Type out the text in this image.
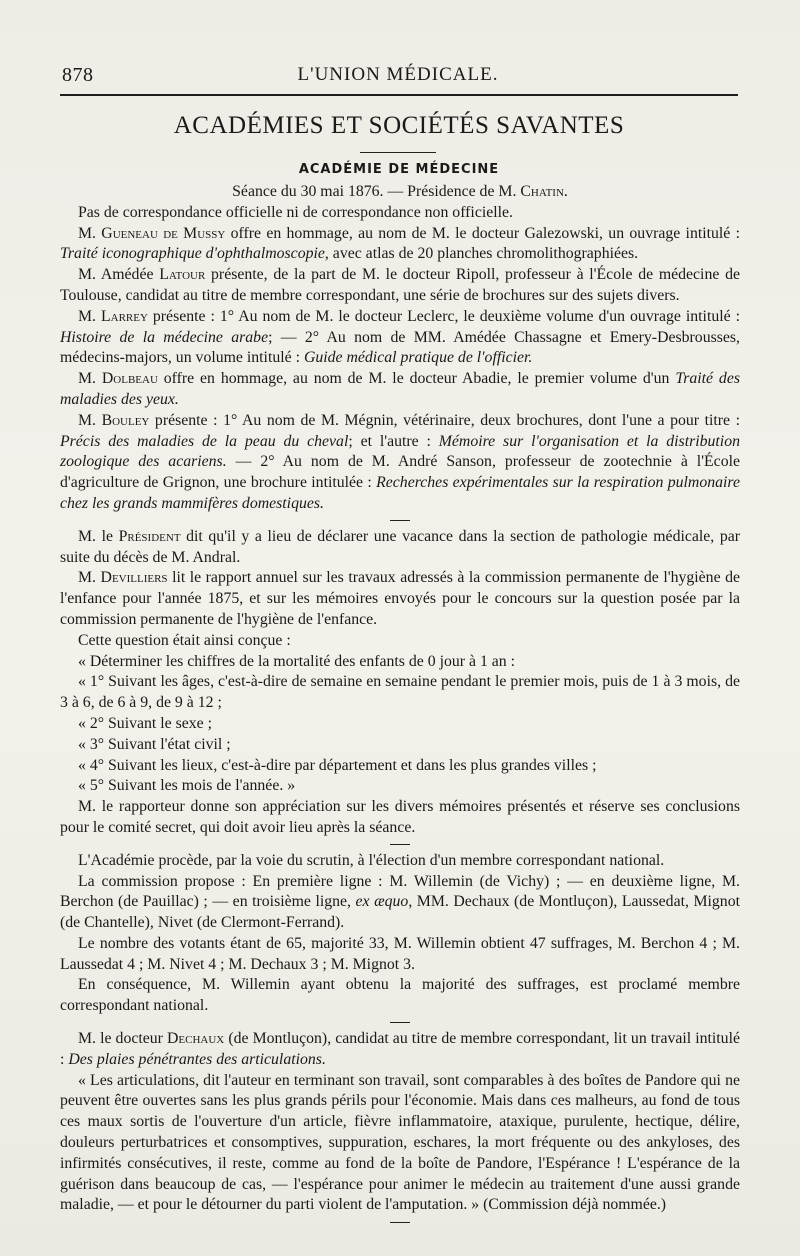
878	L'UNION MÉDICALE.
ACADÉMIES ET SOCIÉTÉS SAVANTES
ACADÉMIE DE MÉDECINE

Séance du 30 mai 1876. — Présidence de M. Chatin.

Pas de correspondance officielle ni de correspondance non officielle.

M. Gueneau de Mussy offre en hommage, au nom de M. le docteur Galezowski, un ouvrage intitulé : Traité iconographique d'ophthalmoscopie, avec atlas de 20 planches chromolithographiées.

M. Amédée Latour présente, de la part de M. le docteur Ripoll, professeur à l'École de médecine de Toulouse, candidat au titre de membre correspondant, une série de brochures sur des sujets divers.

M. Larrey présente : 1° Au nom de M. le docteur Leclerc, le deuxième volume d'un ouvrage intitulé : Histoire de la médecine arabe; — 2° Au nom de MM. Amédée Chassagne et Emery-Desbrousses, médecins-majors, un volume intitulé : Guide médical pratique de l'officier.

M. Dolbeau offre en hommage, au nom de M. le docteur Abadie, le premier volume d'un Traité des maladies des yeux.

M. Bouley présente : 1° Au nom de M. Mégnin, vétérinaire, deux brochures, dont l'une a pour titre : Précis des maladies de la peau du cheval; et l'autre : Mémoire sur l'organisation et la distribution zoologique des acariens. — 2° Au nom de M. André Sanson, professeur de zootechnie à l'École d'agriculture de Grignon, une brochure intitulée : Recherches expérimentales sur la respiration pulmonaire chez les grands mammifères domestiques.

M. le Président dit qu'il y a lieu de déclarer une vacance dans la section de pathologie médicale, par suite du décès de M. Andral.

M. Devilliers lit le rapport annuel sur les travaux adressés à la commission permanente de l'hygiène de l'enfance pour l'année 1875, et sur les mémoires envoyés pour le concours sur la question posée par la commission permanente de l'hygiène de l'enfance.

Cette question était ainsi conçue :

« Déterminer les chiffres de la mortalité des enfants de 0 jour à 1 an :

« 1° Suivant les âges, c'est-à-dire de semaine en semaine pendant le premier mois, puis de 1 à 3 mois, de 3 à 6, de 6 à 9, de 9 à 12 ;

« 2° Suivant le sexe ;

« 3° Suivant l'état civil ;

« 4° Suivant les lieux, c'est-à-dire par département et dans les plus grandes villes ;

« 5° Suivant les mois de l'année. »

M. le rapporteur donne son appréciation sur les divers mémoires présentés et réserve ses conclusions pour le comité secret, qui doit avoir lieu après la séance.

L'Académie procède, par la voie du scrutin, à l'élection d'un membre correspondant national.

La commission propose : En première ligne : M. Willemin (de Vichy) ; — en deuxième ligne, M. Berchon (de Pauillac) ; — en troisième ligne, ex æquo, MM. Dechaux (de Montluçon), Laussedat, Mignot (de Chantelle), Nivet (de Clermont-Ferrand).

Le nombre des votants étant de 65, majorité 33, M. Willemin obtient 47 suffrages, M. Berchon 4 ; M. Laussedat 4 ; M. Nivet 4 ; M. Dechaux 3 ; M. Mignot 3.

En conséquence, M. Willemin ayant obtenu la majorité des suffrages, est proclamé membre correspondant national.

M. le docteur Dechaux (de Montluçon), candidat au titre de membre correspondant, lit un travail intitulé : Des plaies pénétrantes des articulations.

« Les articulations, dit l'auteur en terminant son travail, sont comparables à des boîtes de Pandore qui ne peuvent être ouvertes sans les plus grands périls pour l'économie. Mais dans ces malheurs, au fond de tous ces maux sortis de l'ouverture d'un article, fièvre inflammatoire, ataxique, purulente, hectique, délire, douleurs perturbatrices et consomptives, suppuration, eschares, la mort fréquente ou des ankyloses, des infirmités consécutives, il reste, comme au fond de la boîte de Pandore, l'Espérance ! L'espérance de la guérison dans beaucoup de cas, — l'espérance pour animer le médecin au traitement d'une aussi grande maladie, — et pour le détourner du parti violent de l'amputation. » (Commission déjà nommée.)
